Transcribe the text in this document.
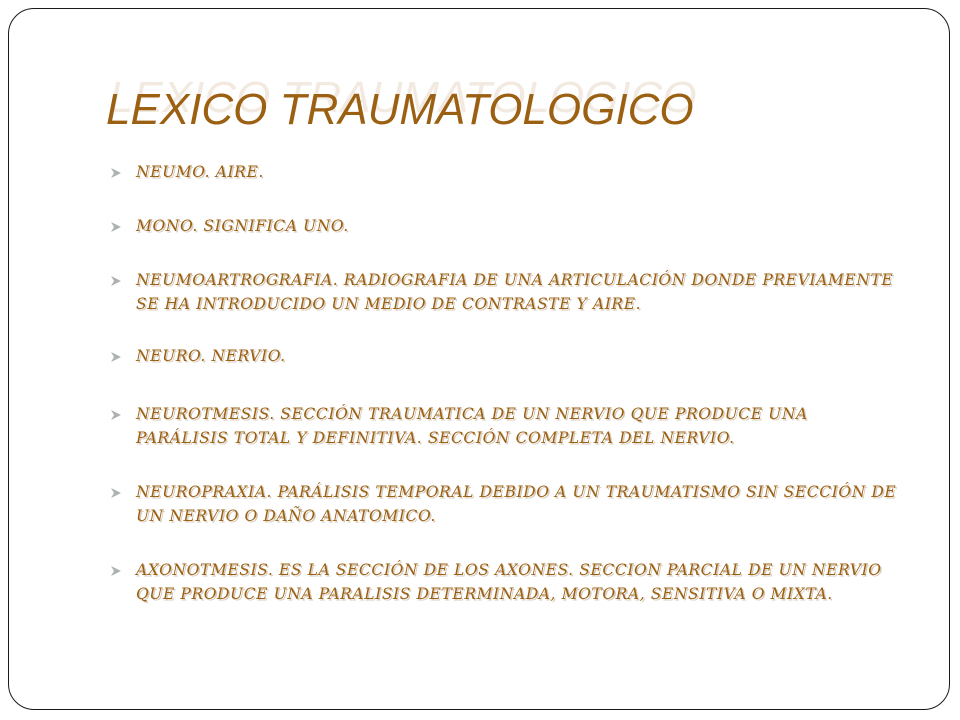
LEXICO TRAUMATOLOGICO
NEUMO. AIRE.
MONO. SIGNIFICA UNO.
NEUMOARTROGRAFIA. RADIOGRAFIA DE UNA ARTICULACIÓN DONDE PREVIAMENTE SE HA INTRODUCIDO UN MEDIO DE CONTRASTE Y AIRE.
NEURO. NERVIO.
NEUROTMESIS. SECCIÓN TRAUMATICA DE UN NERVIO QUE PRODUCE UNA PARÁLISIS TOTAL Y DEFINITIVA. SECCIÓN COMPLETA DEL NERVIO.
NEUROPRAXIA. PARÁLISIS TEMPORAL DEBIDO A UN TRAUMATISMO SIN SECCIÓN DE UN NERVIO O DAÑO ANATOMICO.
AXONOTMESIS. ES LA SECCIÓN DE LOS AXONES. SECCION PARCIAL DE UN NERVIO QUE PRODUCE UNA PARALISIS DETERMINADA, MOTORA, SENSITIVA O MIXTA.
